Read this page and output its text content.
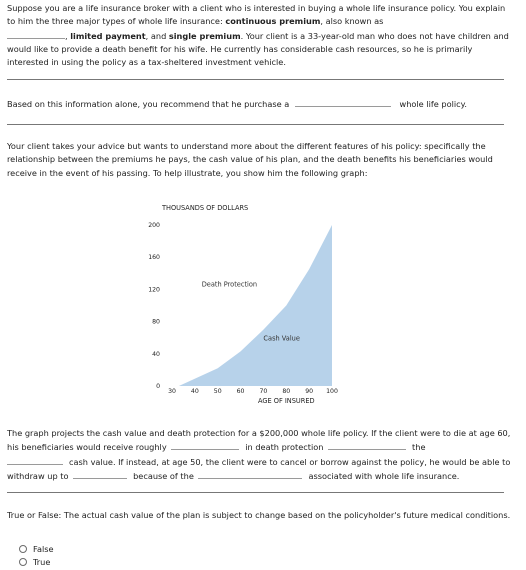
Suppose you are a life insurance broker with a client who is interested in buying a whole life insurance policy. You explain to him the three major types of whole life insurance: continuous premium, also known as
, limited payment, and single premium. Your client is a 33-year-old man who does not have children and would like to provide a death benefit for his wife. He currently has considerable cash resources, so he is primarily interested in using the policy as a tax-sheltered investment vehicle.
Based on this information alone, you recommend that he purchase a	whole life policy.
Your client takes your advice but wants to understand more about the different features of his policy: specifically the relationship between the premiums he pays, the cash value of his plan, and the death benefits his beneficiaries would receive in the event of his passing. To help illustrate, you show him the following graph:
THOUSANDS OF DOLLARS
0
40
80
120
160
200
30 40 50 60 70 80 90 100
Death Protection
Cash Value
AGE OF INSURED
The graph projects the cash value and death protection for a $200,000 whole life policy. If the client were to die at age 60, his beneficiaries would receive roughly	in death protection	the
cash value. If instead, at age 50, the client were to cancel or borrow against the policy, he would be able to withdraw up to	because of the	associated with whole life insurance.
True or False: The actual cash value of the plan is subject to change based on the policyholder's future medical conditions.
False
True
